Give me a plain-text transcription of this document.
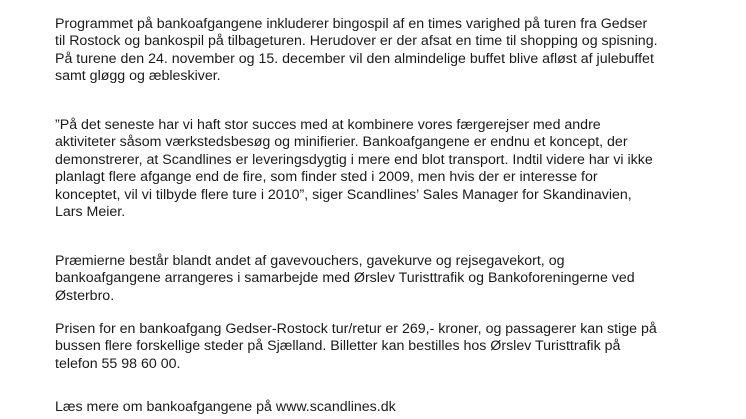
Programmet på bankoafgangene inkluderer bingospil af en times varighed på turen fra Gedser
til Rostock og bankospil på tilbageturen. Herudover er der afsat en time til shopping og spisning.
På turene den 24. november og 15. december vil den almindelige buffet blive afløst af julebuffet
samt gløgg og æbleskiver.

”På det seneste har vi haft stor succes med at kombinere vores færgerejser med andre
aktiviteter såsom værkstedsbesøg og minifierier. Bankoafgangene er endnu et koncept, der
demonstrerer, at Scandlines er leveringsdygtig i mere end blot transport. Indtil videre har vi ikke
planlagt flere afgange end de fire, som finder sted i 2009, men hvis der er interesse for
konceptet, vil vi tilbyde flere ture i 2010”, siger Scandlines’ Sales Manager for Skandinavien,
Lars Meier.

Præmierne består blandt andet af gavevouchers, gavekurve og rejsegavekort, og
bankoafgangene arrangeres i samarbejde med Ørslev Turisttrafik og Bankoforeningerne ved
Østerbro.

Prisen for en bankoafgang Gedser-Rostock tur/retur er 269,- kroner, og passagerer kan stige på
bussen flere forskellige steder på Sjælland. Billetter kan bestilles hos Ørslev Turisttrafik på
telefon 55 98 60 00.

Læs mere om bankoafgangene på www.scandlines.dk
